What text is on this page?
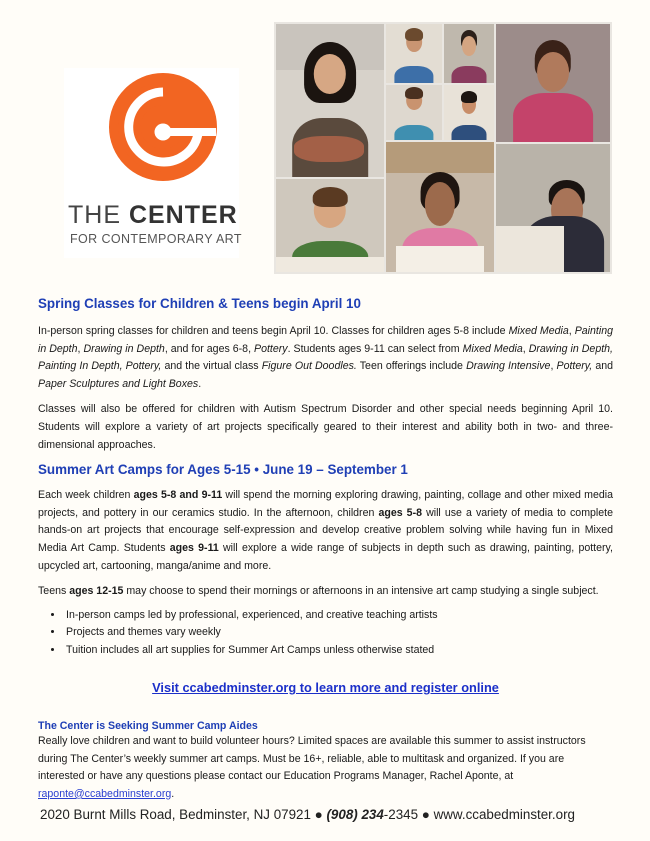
THE CENTER
FOR CONTEMPORARY ART
Spring Classes for Children & Teens begin April 10

In-person spring classes for children and teens begin April 10. Classes for children ages 5-8 include Mixed Media, Painting in Depth, Drawing in Depth, and for ages 6-8, Pottery. Students ages 9-11 can select from Mixed Media, Drawing in Depth, Painting In Depth, Pottery, and the virtual class Figure Out Doodles. Teen offerings include Drawing Intensive, Pottery, and Paper Sculptures and Light Boxes.

Classes will also be offered for children with Autism Spectrum Disorder and other special needs beginning April 10. Students will explore a variety of art projects specifically geared to their interest and ability both in two- and three- dimensional approaches.

Summer Art Camps for Ages 5-15 • June 19 – September 1

Each week children ages 5-8 and 9-11 will spend the morning exploring drawing, painting, collage and other mixed media projects, and pottery in our ceramics studio. In the afternoon, children ages 5-8 will use a variety of media to complete hands-on art projects that encourage self-expression and develop creative problem solving while having fun in Mixed Media Art Camp. Students ages 9-11 will explore a wide range of subjects in depth such as drawing, painting, pottery, upcycled art, cartooning, manga/anime and more.

Teens ages 12-15 may choose to spend their mornings or afternoons in an intensive art camp studying a single subject.

• In-person camps led by professional, experienced, and creative teaching artists
• Projects and themes vary weekly
• Tuition includes all art supplies for Summer Art Camps unless otherwise stated
Visit ccabedminster.org to learn more and register online
The Center is Seeking Summer Camp Aides

Really love children and want to build volunteer hours? Limited spaces are available this summer to assist instructors during The Center’s weekly summer art camps. Must be 16+, reliable, able to multitask and organized. If you are interested or have any questions please contact our Education Programs Manager, Rachel Aponte, at raponte@ccabedminster.org.

2020 Burnt Mills Road, Bedminster, NJ 07921 ● (908) 234-2345 ● www.ccabedminster.org
